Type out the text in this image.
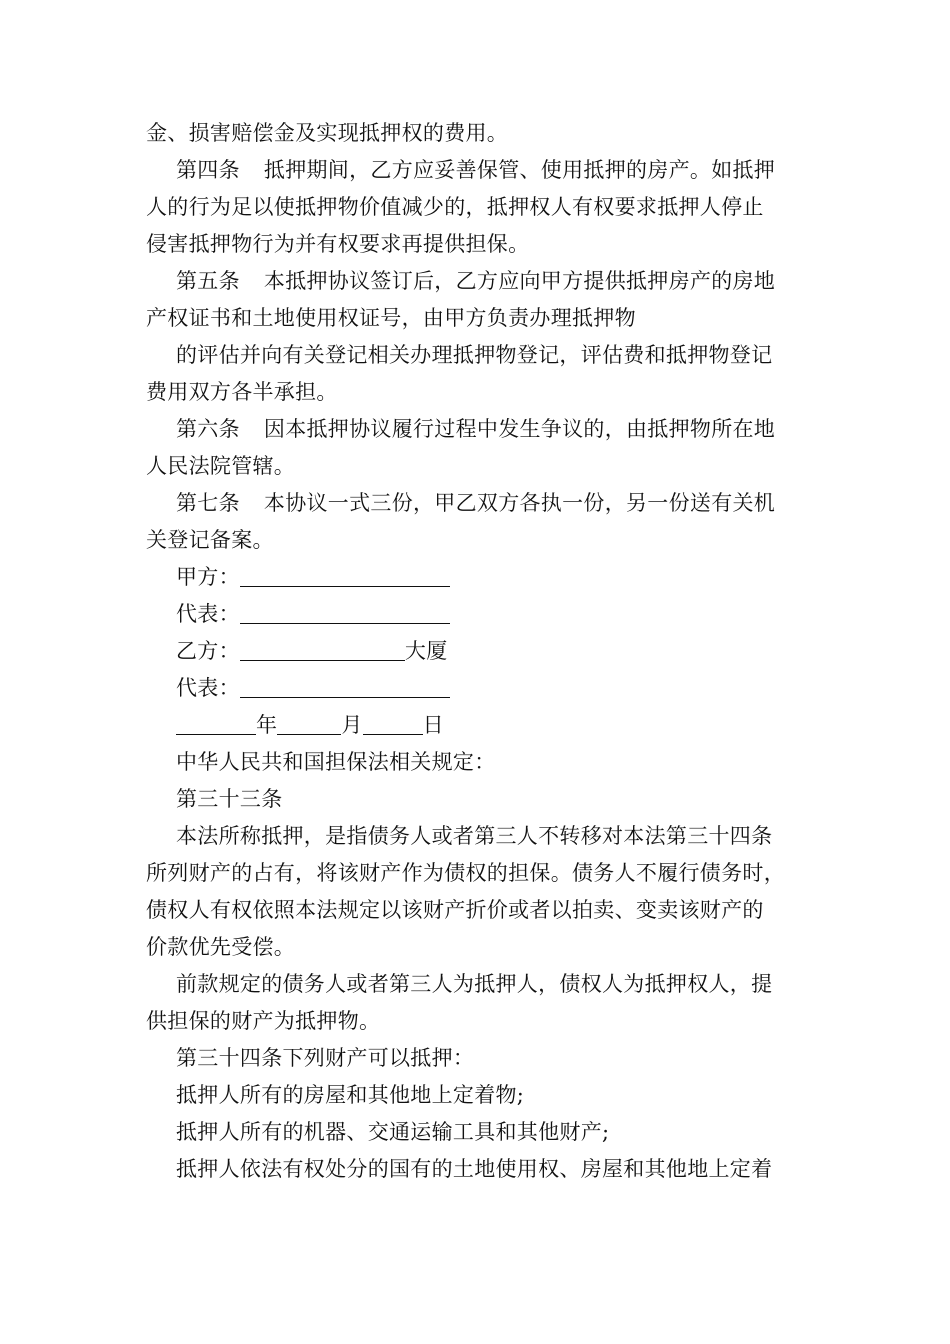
金、损害赔偿金及实现抵押权的费用。
第四条 抵押期间，乙方应妥善保管、使用抵押的房产。如抵押
人的行为足以使抵押物价值减少的，抵押权人有权要求抵押人停止
侵害抵押物行为并有权要求再提供担保。
第五条 本抵押协议签订后，乙方应向甲方提供抵押房产的房地
产权证书和土地使用权证号，由甲方负责办理抵押物
的评估并向有关登记相关办理抵押物登记，评估费和抵押物登记
费用双方各半承担。
第六条 因本抵押协议履行过程中发生争议的，由抵押物所在地
人民法院管辖。
第七条 本协议一式三份，甲乙双方各执一份，另一份送有关机
关登记备案。
甲方：
代表：
乙方：	大厦
代表：
年	月	日
中华人民共和国担保法相关规定：
第三十三条
本法所称抵押，是指债务人或者第三人不转移对本法第三十四条
所列财产的占有，将该财产作为债权的担保。债务人不履行债务时，
债权人有权依照本法规定以该财产折价或者以拍卖、变卖该财产的
价款优先受偿。
前款规定的债务人或者第三人为抵押人，债权人为抵押权人，提
供担保的财产为抵押物。
第三十四条下列财产可以抵押：
抵押人所有的房屋和其他地上定着物;
抵押人所有的机器、交通运输工具和其他财产;
抵押人依法有权处分的国有的土地使用权、房屋和其他地上定着
